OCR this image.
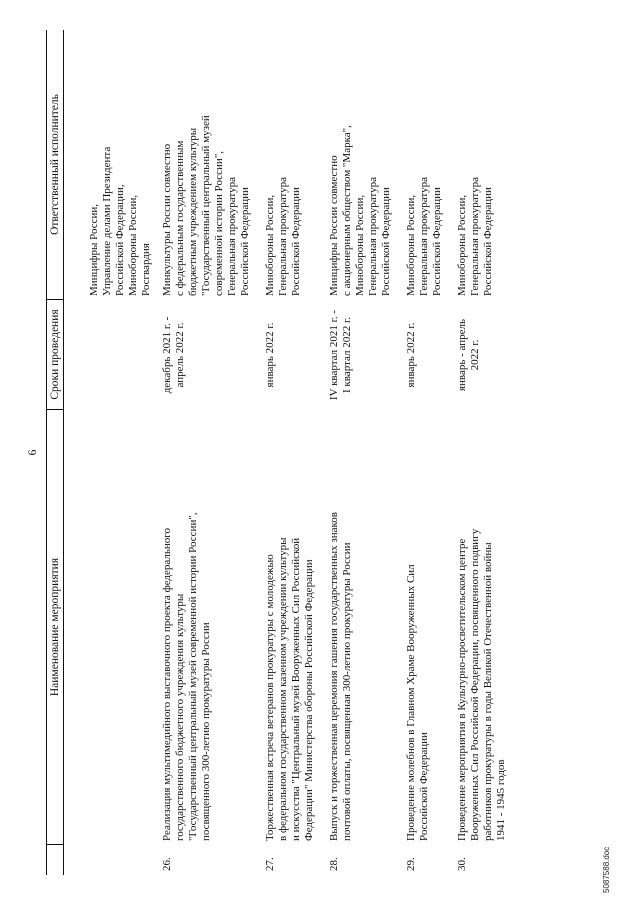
6
Наименование мероприятия
Сроки проведения
Ответственный исполнитель
Минцифры России,
Управление делами Президента
Российской Федерации,
Минобороны России,
Росгвардия
26.
Реализация мультимедийного выставочного проекта федерального
государственного бюджетного учреждения культуры
"Государственный центральный музей современной истории России",
посвященного 300-летию прокуратуры России
декабрь 2021 г. -
апрель 2022 г.
Минкультуры России совместно
с федеральным государственным
бюджетным учреждением культуры
"Государственный центральный музей
современной истории России",
Генеральная прокуратура
Российской Федерации
27.
Торжественная встреча ветеранов прокуратуры с молодежью
в федеральном государственном казенном учреждении культуры
и искусства "Центральный музей Вооруженных Сил Российской
Федерации" Министерства обороны Российской Федерации
январь 2022 г.
Минобороны России,
Генеральная прокуратура
Российской Федерации
28.
Выпуск и торжественная церемония гашения государственных знаков
почтовой оплаты, посвященная 300-летию прокуратуры России
IV квартал 2021 г. -
I квартал 2022 г.
Минцифры России совместно
с акционерным обществом "Марка",
Минобороны России,
Генеральная прокуратура
Российской Федерации
29.
Проведение молебнов в Главном Храме Вооруженных Сил
Российской Федерации
январь 2022 г.
Минобороны России,
Генеральная прокуратура
Российской Федерации
30.
Проведение мероприятия в Культурно-просветительском центре
Вооруженных Сил Российской Федерации, посвященного подвигу
работников прокуратуры в годы Великой Отечественной войны
1941 - 1945 годов
январь - апрель
2022 г.
Минобороны России,
Генеральная прокуратура
Российской Федерации
5087588.doc
